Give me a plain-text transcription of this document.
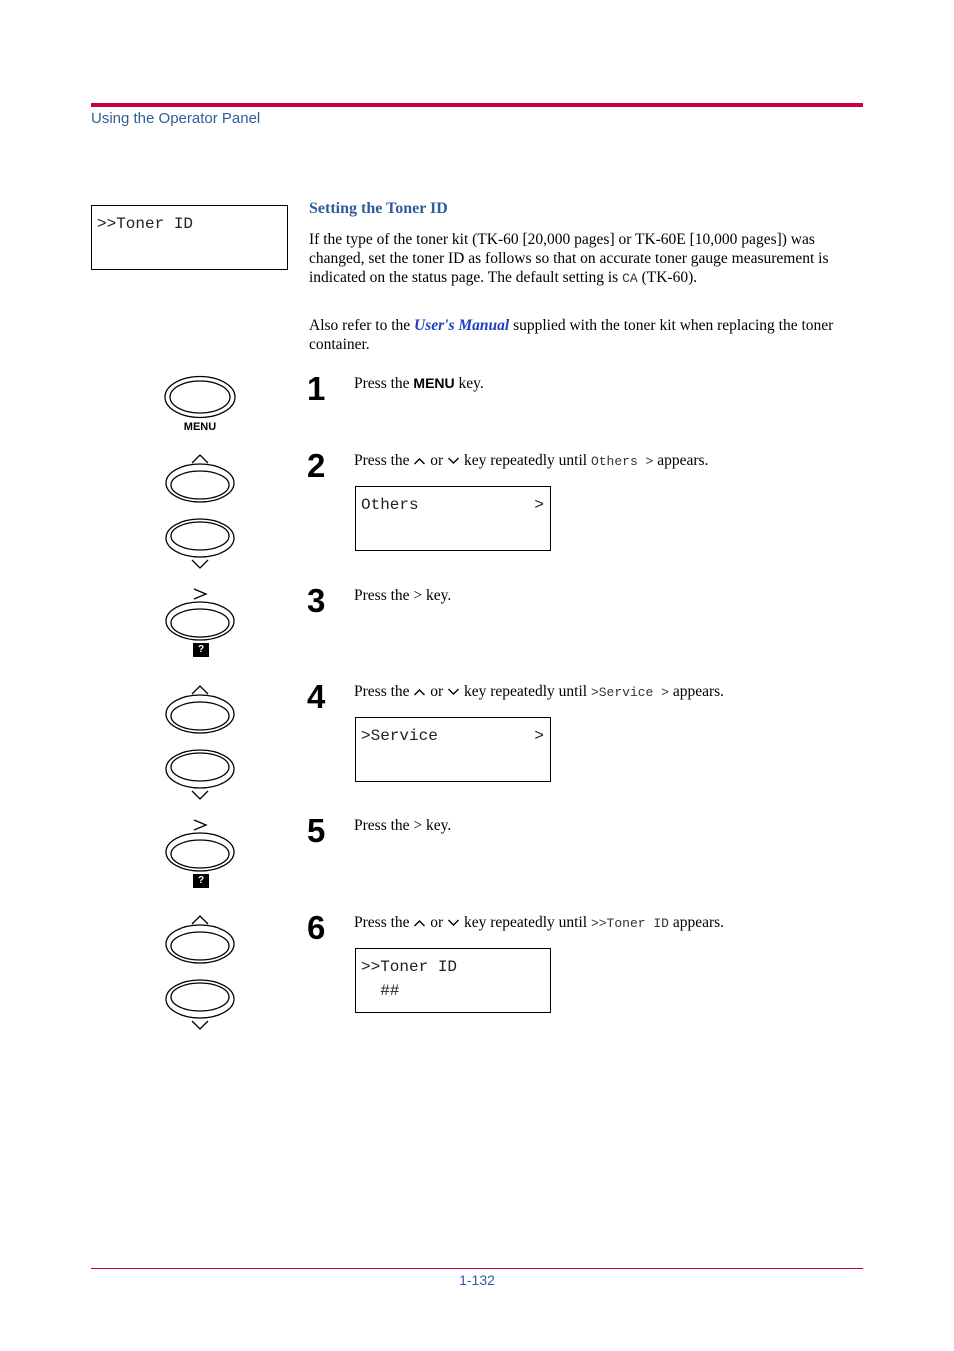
Using the Operator Panel
>>Toner ID
Setting the Toner ID
If the type of the toner kit (TK-60 [20,000 pages] or TK-60E [10,000 pages]) was changed, set the toner ID as follows so that on accurate toner gauge measurement is indicated on the status page. The default setting is CA (TK-60).
Also refer to the User's Manual supplied with the toner kit when replacing the toner container.
MENU
?
?
1 Press the MENU key.
2 Press the  or  key repeatedly until Others > appears.
Others	>
3 Press the > key.
4 Press the  or  key repeatedly until >Service > appears.
>Service	>
5 Press the > key.
6 Press the  or  key repeatedly until >>Toner ID appears.
>>Toner ID
##
1-132
